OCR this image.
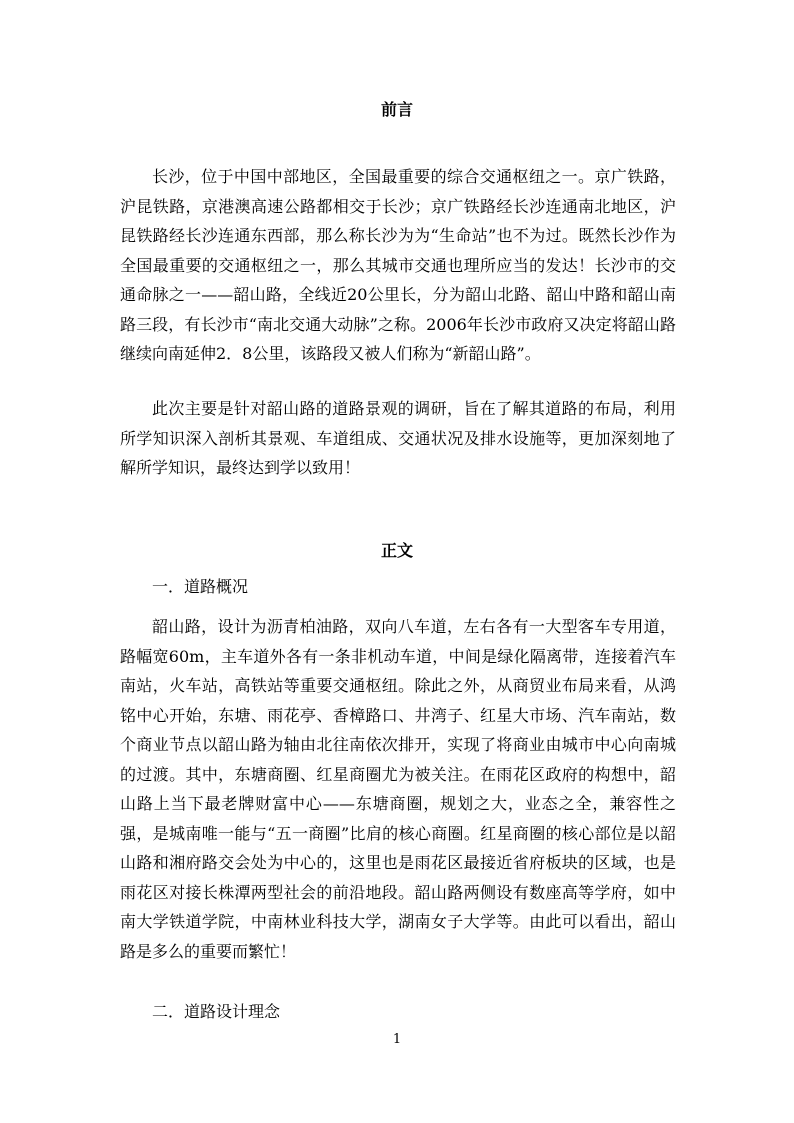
前言

长沙，位于中国中部地区，全国最重要的综合交通枢纽之一。京广铁路，沪昆铁路，京港澳高速公路都相交于长沙；京广铁路经长沙连通南北地区，沪昆铁路经长沙连通东西部，那么称长沙为为“生命站”也不为过。既然长沙作为全国最重要的交通枢纽之一，那么其城市交通也理所应当的发达！长沙市的交通命脉之一——韶山路，全线近20公里长，分为韶山北路、韶山中路和韶山南路三段，有长沙市“南北交通大动脉”之称。2006年长沙市政府又决定将韶山路继续向南延伸2．8公里，该路段又被人们称为“新韶山路”。

此次主要是针对韶山路的道路景观的调研，旨在了解其道路的布局，利用所学知识深入剖析其景观、车道组成、交通状况及排水设施等，更加深刻地了解所学知识，最终达到学以致用！

正文
一．道路概况

韶山路，设计为沥青柏油路，双向八车道，左右各有一大型客车专用道，路幅宽60m，主车道外各有一条非机动车道，中间是绿化隔离带，连接着汽车南站，火车站，高铁站等重要交通枢纽。除此之外，从商贸业布局来看，从鸿铭中心开始，东塘、雨花亭、香樟路口、井湾子、红星大市场、汽车南站，数个商业节点以韶山路为轴由北往南依次排开，实现了将商业由城市中心向南城的过渡。其中，东塘商圈、红星商圈尤为被关注。在雨花区政府的构想中，韶山路上当下最老牌财富中心——东塘商圈，规划之大，业态之全，兼容性之强，是城南唯一能与“五一商圈”比肩的核心商圈。红星商圈的核心部位是以韶山路和湘府路交会处为中心的，这里也是雨花区最接近省府板块的区域，也是雨花区对接长株潭两型社会的前沿地段。韶山路两侧设有数座高等学府，如中南大学铁道学院，中南林业科技大学，湖南女子大学等。由此可以看出，韶山路是多么的重要而繁忙！

二．道路设计理念
1
